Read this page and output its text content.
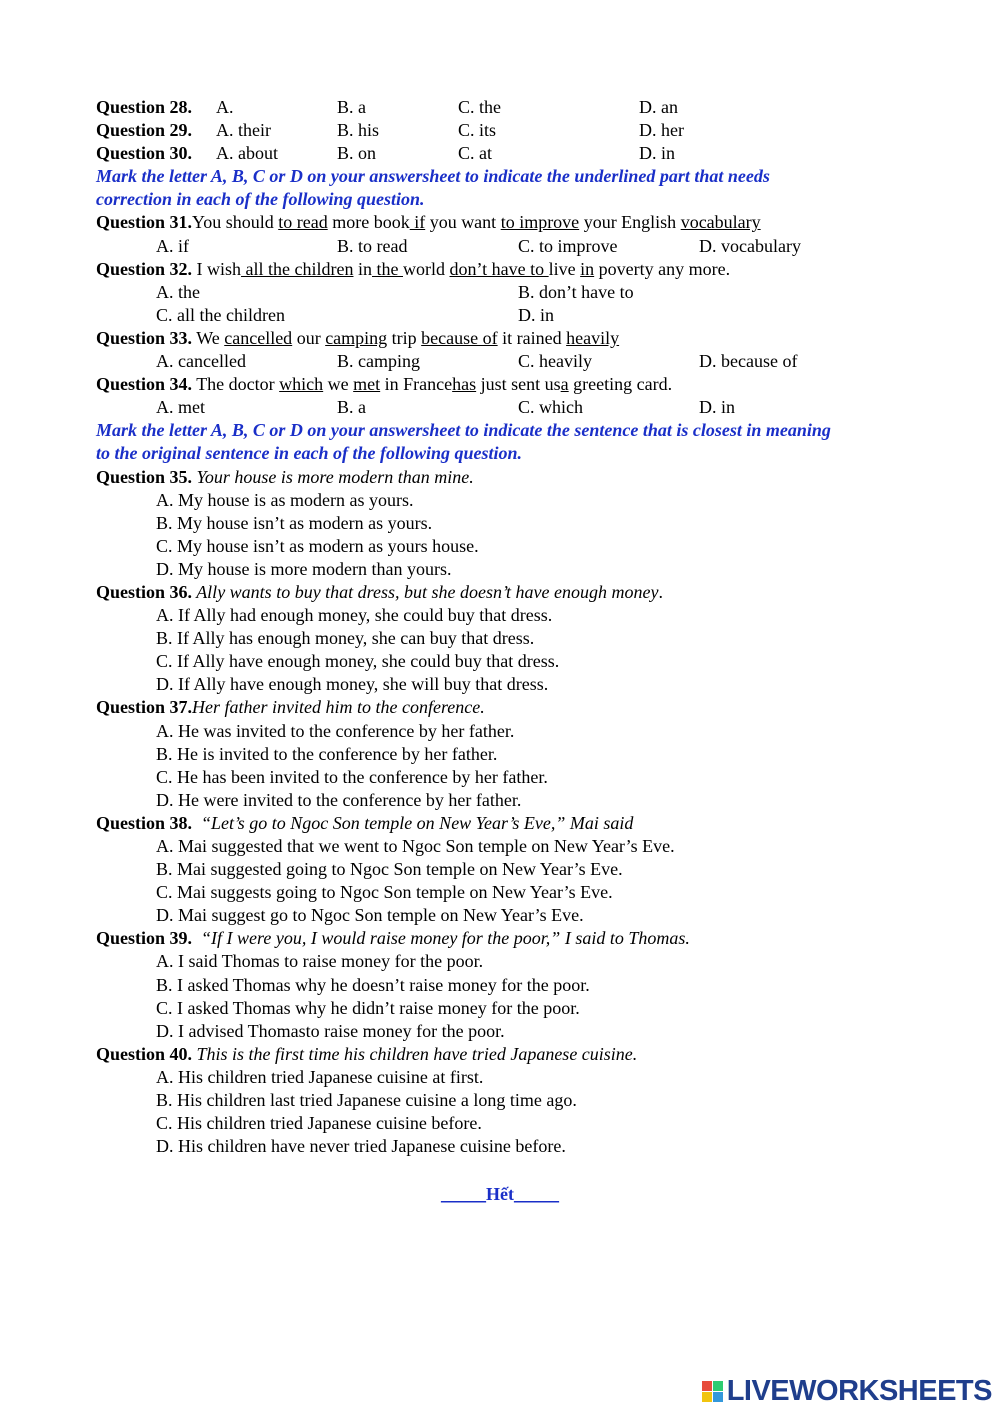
Question 28. A.	B. a	C. the	D. an
Question 29. A. their	B. his	C. its	D. her
Question 30. A. about	B. on	C. at	D. in
Mark the letter A, B, C or D on your answersheet to indicate the underlined part that needs
correction in each of the following question.
Question 31.You should to read more book if you want to improve your English vocabulary
A. if	B. to read	C. to improve	D. vocabulary
Question 32. I wish all the children in the world don’t have to live in poverty any more.
A. the	B. don’t have to
C. all the children	D. in
Question 33. We cancelled our camping trip because of it rained heavily
A. cancelled	B. camping	C. heavily	D. because of
Question 34. The doctor which we met in Francehas just sent usa greeting card.
A. met	B. a	C. which	D. in
Mark the letter A, B, C or D on your answersheet to indicate the sentence that is closest in meaning
to the original sentence in each of the following question.
Question 35. Your house is more modern than mine.
A. My house is as modern as yours.
B. My house isn’t as modern as yours.
C. My house isn’t as modern as yours house.
D. My house is more modern than yours.
Question 36. Ally wants to buy that dress, but she doesn’t have enough money.
A. If Ally had enough money, she could buy that dress.
B. If Ally has enough money, she can buy that dress.
C. If Ally have enough money, she could buy that dress.
D. If Ally have enough money, she will buy that dress.
Question 37.Her father invited him to the conference.
A. He was invited to the conference by her father.
B. He is invited to the conference by her father.
C. He has been invited to the conference by her father.
D. He were invited to the conference by her father.
Question 38.  “Let’s go to Ngoc Son temple on New Year’s Eve,” Mai said
A. Mai suggested that we went to Ngoc Son temple on New Year’s Eve.
B. Mai suggested going to Ngoc Son temple on New Year’s Eve.
C. Mai suggests going to Ngoc Son temple on New Year’s Eve.
D. Mai suggest go to Ngoc Son temple on New Year’s Eve.
Question 39.  “If I were you, I would raise money for the poor,” I said to Thomas.
A. I said Thomas to raise money for the poor.
B. I asked Thomas why he doesn’t raise money for the poor.
C. I asked Thomas why he didn’t raise money for the poor.
D. I advised Thomasto raise money for the poor.
Question 40. This is the first time his children have tried Japanese cuisine.
A. His children tried Japanese cuisine at first.
B. His children last tried Japanese cuisine a long time ago.
C. His children tried Japanese cuisine before.
D. His children have never tried Japanese cuisine before.
_____Hết_____
LIVEWORKSHEETS
